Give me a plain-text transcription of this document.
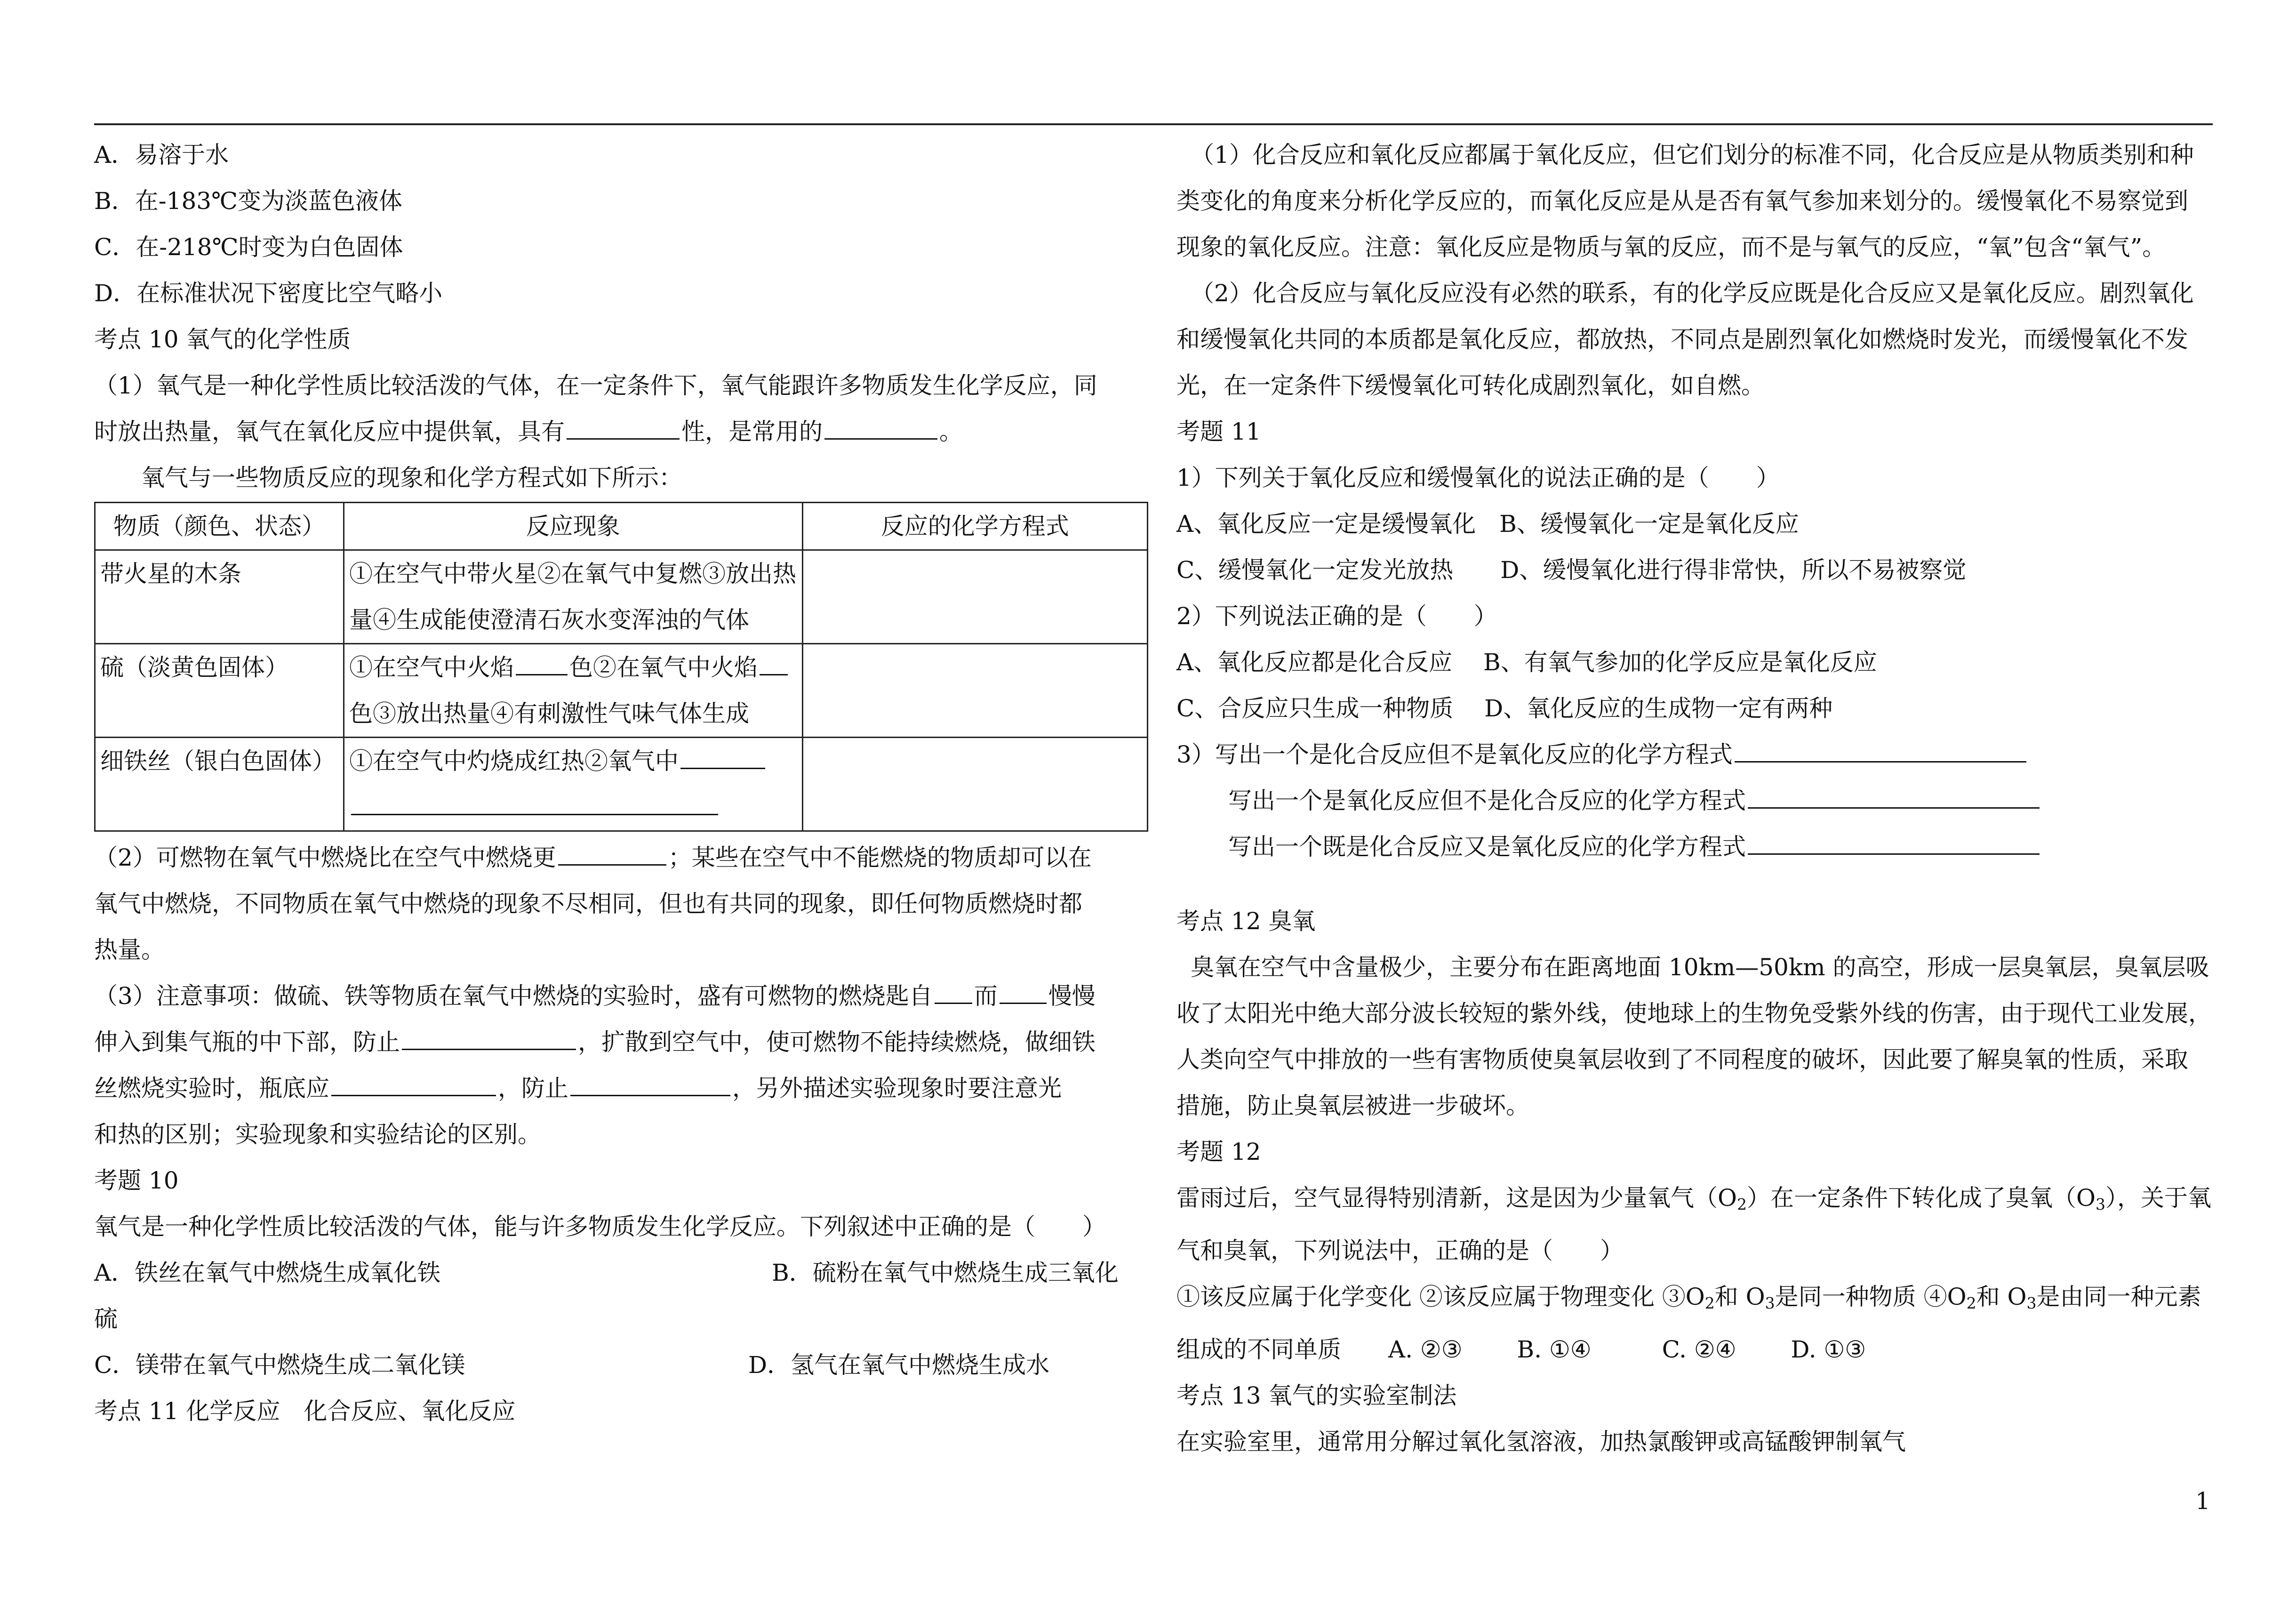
A．易溶于水

B．在-183℃变为淡蓝色液体

C．在-218℃时变为白色固体

D．在标准状况下密度比空气略小

考点 10 氧气的化学性质

（1）氧气是一种化学性质比较活泼的气体，在一定条件下，氧气能跟许多物质发生化学反应，同

时放出热量，氧气在氧化反应中提供氧，具有	性，是常用的	。

氧气与一些物质反应的现象和化学方程式如下所示：

物质（颜色、状态）	反应现象	反应的化学方程式
带火星的木条	①在空气中带火星②在氧气中复燃③放出热量④生成能使澄清石灰水变浑浊的气体	
硫（淡黄色固体）	①在空气中火焰 色②在氧气中火焰色③放出热量④有刺激性气味气体生成	
细铁丝（银白色固体）	①在空气中灼烧成红热②氧气中

（2）可燃物在氧气中燃烧比在空气中燃烧更	；某些在空气中不能燃烧的物质却可以在

氧气中燃烧，不同物质在氧气中燃烧的现象不尽相同，但也有共同的现象，即任何物质燃烧时都

热量。

（3）注意事项：做硫、铁等物质在氧气中燃烧的实验时，盛有可燃物的燃烧匙自 而 慢慢

伸入到集气瓶的中下部，防止	，扩散到空气中，使可燃物不能持续燃烧，做细铁

丝燃烧实验时，瓶底应	，防止	，另外描述实验现象时要注意光

和热的区别；实验现象和实验结论的区别。

考题 10

氧气是一种化学性质比较活泼的气体，能与许多物质发生化学反应。下列叙述中正确的是（　　）

A．铁丝在氧气中燃烧生成氧化铁	B．硫粉在氧气中燃烧生成三氧化

硫

C．镁带在氧气中燃烧生成二氧化镁	D．氢气在氧气中燃烧生成水

考点 11 化学反应　化合反应、氧化反应

（1）化合反应和氧化反应都属于氧化反应，但它们划分的标准不同，化合反应是从物质类别和种

类变化的角度来分析化学反应的，而氧化反应是从是否有氧气参加来划分的。缓慢氧化不易察觉到

现象的氧化反应。注意：氧化反应是物质与氧的反应，而不是与氧气的反应，“氧”包含“氧气”。

（2）化合反应与氧化反应没有必然的联系，有的化学反应既是化合反应又是氧化反应。剧烈氧化

和缓慢氧化共同的本质都是氧化反应，都放热，不同点是剧烈氧化如燃烧时发光，而缓慢氧化不发

光，在一定条件下缓慢氧化可转化成剧烈氧化，如自燃。

考题 11

1）下列关于氧化反应和缓慢氧化的说法正确的是（　　）

A、氧化反应一定是缓慢氧化　B、缓慢氧化一定是氧化反应

C、缓慢氧化一定发光放热　　D、缓慢氧化进行得非常快，所以不易被察觉

2）下列说法正确的是（　　）

A、氧化反应都是化合反应　 B、有氧气参加的化学反应是氧化反应

C、合反应只生成一种物质　 D、氧化反应的生成物一定有两种

3）写出一个是化合反应但不是氧化反应的化学方程式

写出一个是氧化反应但不是化合反应的化学方程式

写出一个既是化合反应又是氧化反应的化学方程式

考点 12 臭氧

臭氧在空气中含量极少，主要分布在距离地面 10km—50km 的高空，形成一层臭氧层，臭氧层吸

收了太阳光中绝大部分波长较短的紫外线，使地球上的生物免受紫外线的伤害，由于现代工业发展，

人类向空气中排放的一些有害物质使臭氧层收到了不同程度的破坏，因此要了解臭氧的性质，采取

措施，防止臭氧层被进一步破坏。

考题 12

雷雨过后，空气显得特别清新，这是因为少量氧气$(O_2)$在一定条件下转化成了臭氧$(O_3)$，关于氧

气和臭氧，下列说法中，正确的是（　　）

①该反应属于化学变化 ②该反应属于物理变化 $③O_2$和 $O_3$是同一种物质 $④O_2$和 $O_3$是由同一种元素

组成的不同单质　　A. ②③　　 B. ①④　　　C. ②④　　 D. ①③

考点 13 氧气的实验室制法

在实验室里，通常用分解过氧化氢溶液，加热氯酸钾或高锰酸钾制氧气

1
